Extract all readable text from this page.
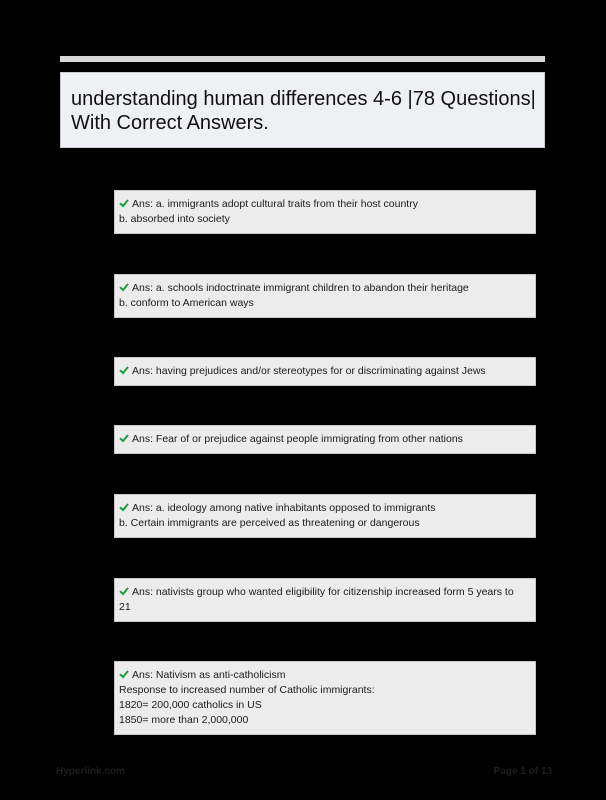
understanding human differences 4-6 |78 Questions| With Correct Answers.
Ans: a. immigrants adopt cultural traits from their host country
b. absorbed into society
Ans: a. schools indoctrinate immigrant children to abandon their heritage
b. conform to American ways
Ans: having prejudices and/or stereotypes for or discriminating against Jews
Ans: Fear of or prejudice against people immigrating from other nations
Ans: a. ideology among native inhabitants opposed to immigrants
b. Certain immigrants are perceived as threatening or dangerous
Ans: nativists group who wanted eligibility for citizenship increased form 5 years to
21
Ans: Nativism as anti-catholicism
Response to increased number of Catholic immigrants:
1820= 200,000 catholics in US
1850= more than 2,000,000
Hyperlink.com	Page 1 of 13
